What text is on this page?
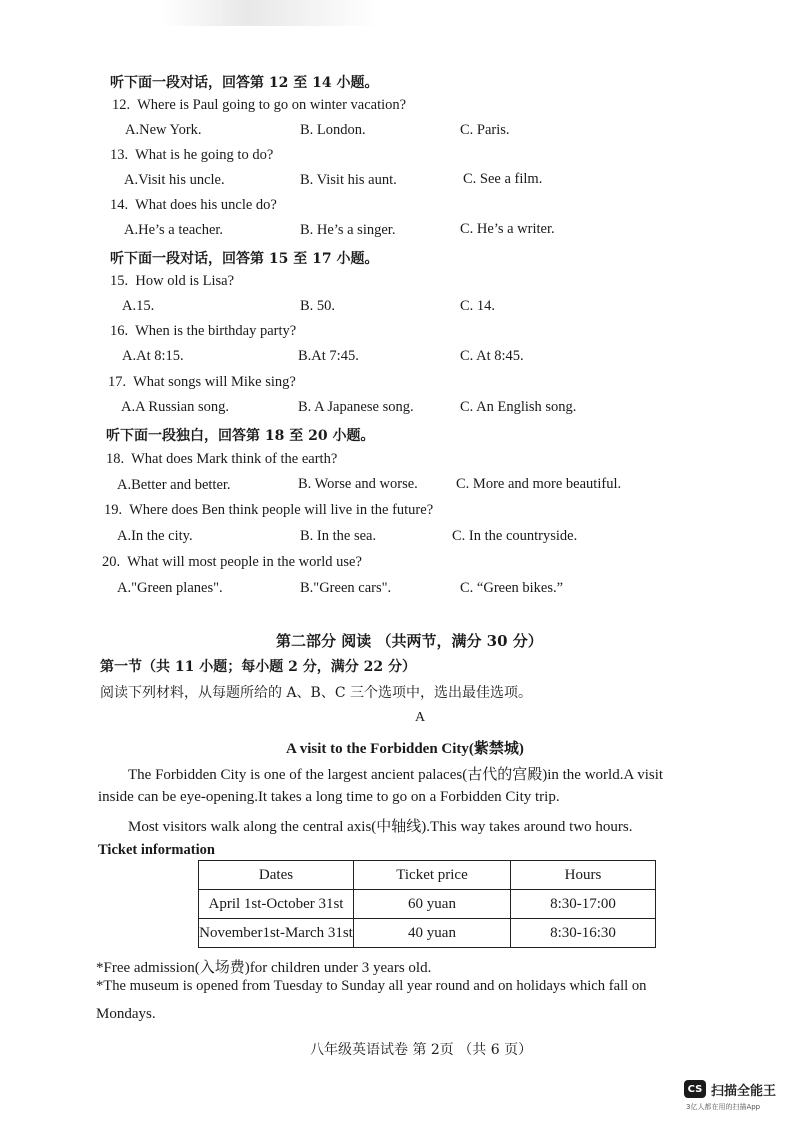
听下面一段对话，回答第 12 至 14 小题。
12. Where is Paul going to go on winter vacation?
A.New York.	B. London.	C. Paris.
13. What is he going to do?
A.Visit his uncle.	B. Visit his aunt.	C. See a film.
14. What does his uncle do?
A.He’s a teacher.	B. He’s a singer.	C. He’s a writer.
听下面一段对话，回答第 15 至 17 小题。
15. How old is Lisa?
A.15.	B. 50.	C. 14.
16. When is the birthday party?
A.At 8:15.	B.At 7:45.	C. At 8:45.
17. What songs will Mike sing?
A.A Russian song.	B. A Japanese song.	C. An English song.
听下面一段独白，回答第 18 至 20 小题。
18. What does Mark think of the earth?
A.Better and better.	B. Worse and worse.	C. More and more beautiful.
19. Where does Ben think people will live in the future?
A.In the city.	B. In the sea.	C. In the countryside.
20. What will most people in the world use?
A."Green planes".	B."Green cars".	C. “Green bikes.”
第二部分 阅读 （共两节，满分 30 分）
第一节（共 11 小题；每小题 2 分，满分 22 分）
阅读下列材料，从每题所给的 A、B、C 三个选项中，选出最佳选项。
A
A visit to the Forbidden City(紫禁城)
The Forbidden City is one of the largest ancient palaces(古代的宫殿)in the world.A visit
inside can be eye-opening.It takes a long time to go on a Forbidden City trip.
Most visitors walk along the central axis(中轴线).This way takes around two hours.
Ticket information
Dates	Ticket price	Hours
April 1st-October 31st	60 yuan	8:30-17:00
November1st-March 31st	40 yuan	8:30-16:30
*Free admission(入场费)for children under 3 years old.
*The museum is opened from Tuesday to Sunday all year round and on holidays which fall on
Mondays.
八年级英语试卷 第 2页 （共 6 页）
CS 扫描全能王
3亿人都在用的扫描App
